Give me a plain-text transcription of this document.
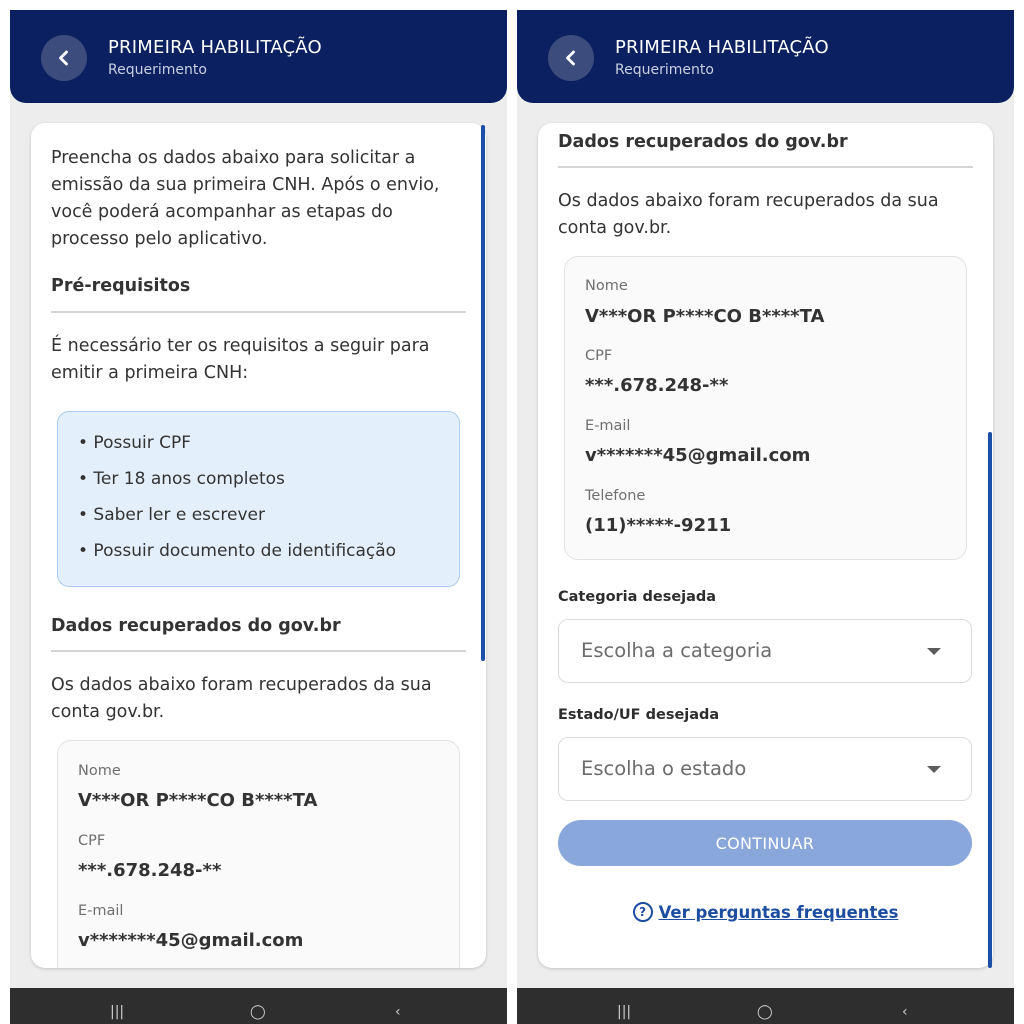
PRIMEIRA HABILITAÇÃO
Requerimento
Preencha os dados abaixo para solicitar a emissão da sua primeira CNH. Após o envio, você poderá acompanhar as etapas do processo pelo aplicativo.
Pré-requisitos
É necessário ter os requisitos a seguir para emitir a primeira CNH:
• Possuir CPF
• Ter 18 anos completos
• Saber ler e escrever
• Possuir documento de identificação
Dados recuperados do gov.br
Os dados abaixo foram recuperados da sua conta gov.br.
Nome
V***OR P****CO B****TA
CPF
***.678.248-**
E-mail
v*******45@gmail.com
|||	◯	‹
PRIMEIRA HABILITAÇÃO
Requerimento
Dados recuperados do gov.br
Os dados abaixo foram recuperados da sua conta gov.br.
Nome
V***OR P****CO B****TA
CPF
***.678.248-**
E-mail
v*******45@gmail.com
Telefone
(11)*****-9211
Categoria desejada
Escolha a categoria
Estado/UF desejada
Escolha o estado
CONTINUAR
? Ver perguntas frequentes
|||	◯	‹
